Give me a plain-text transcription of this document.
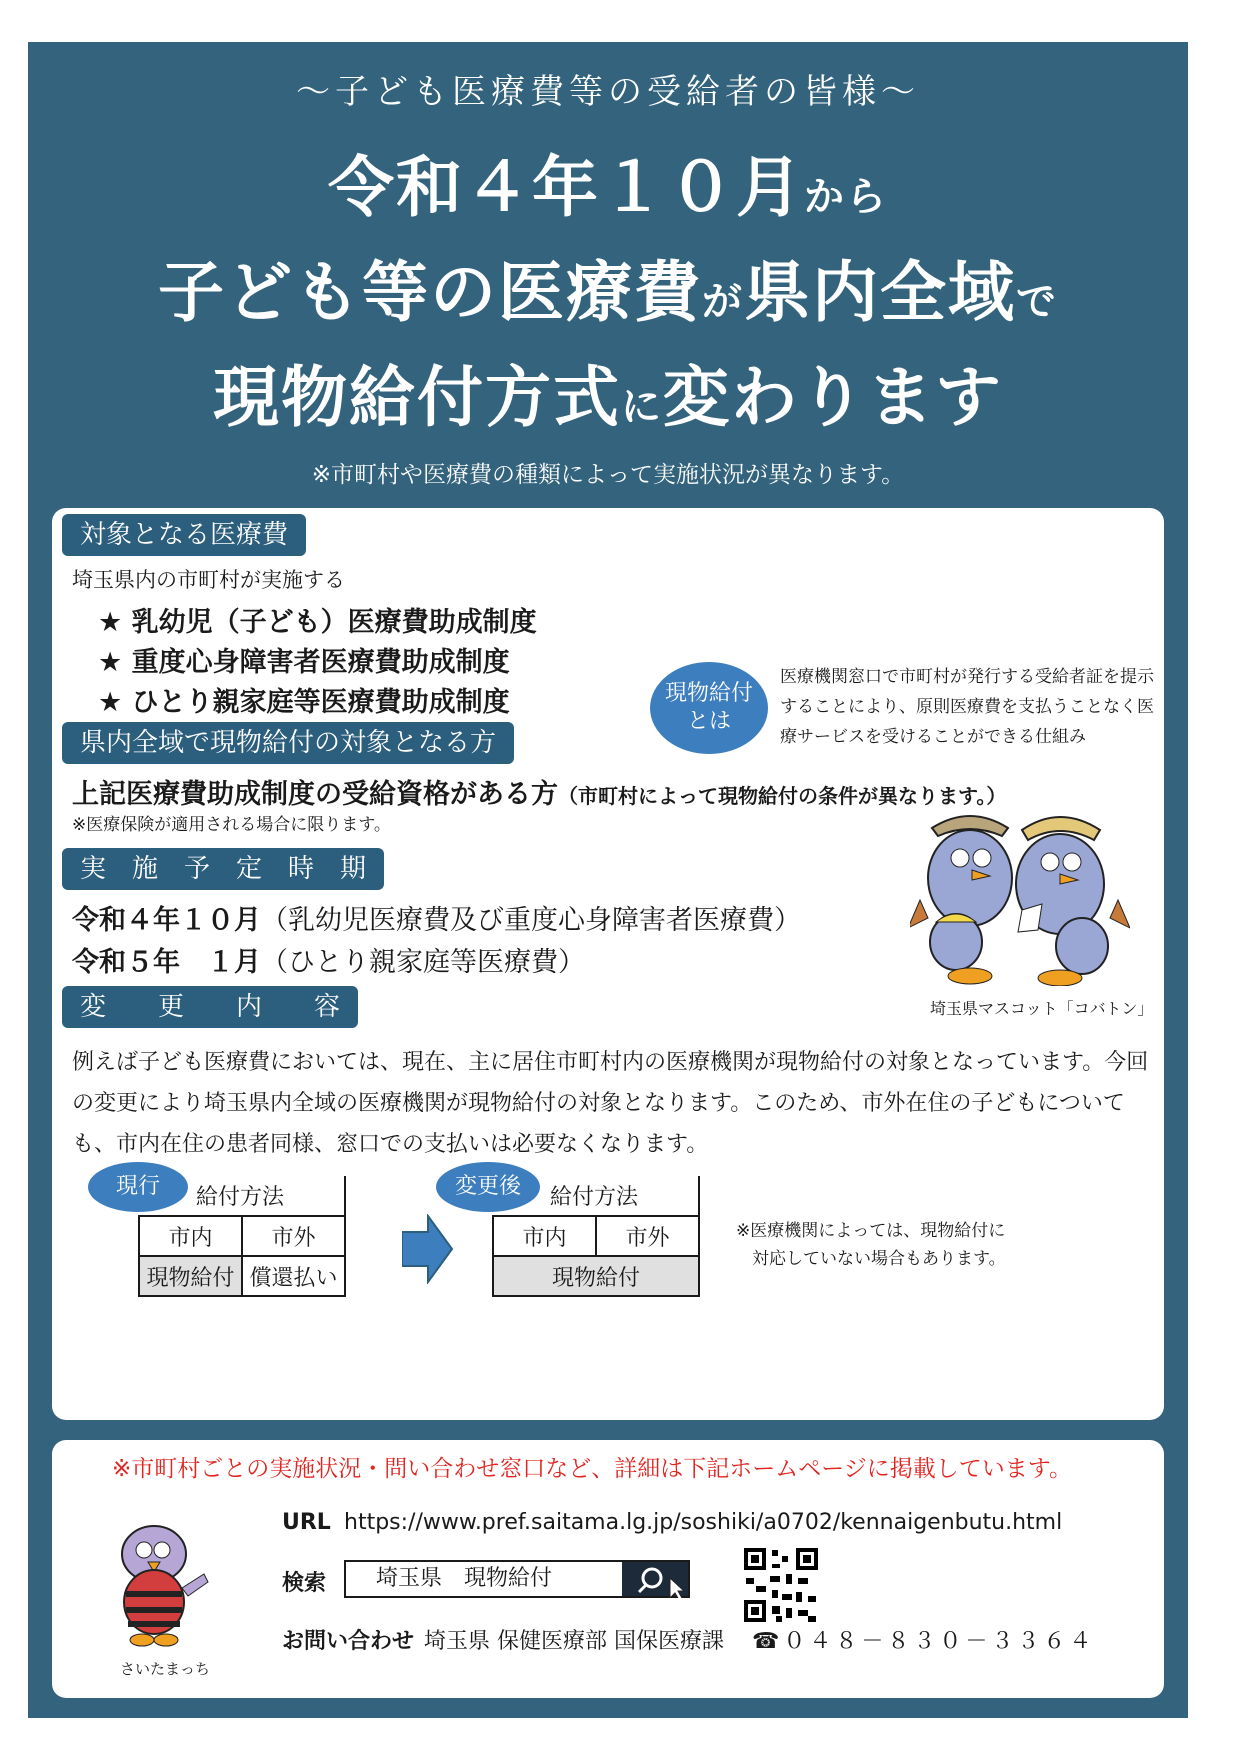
～子ども医療費等の受給者の皆様～
令和４年１０月から
子ども等の医療費が県内全域で
現物給付方式に変わります
※市町村や医療費の種類によって実施状況が異なります。
対象となる医療費
埼玉県内の市町村が実施する
★ 乳幼児（子ども）医療費助成制度
★ 重度心身障害者医療費助成制度
★ ひとり親家庭等医療費助成制度	現物給付
とは
医療機関窓口で市町村が発行する受給者証を提示することにより、原則医療費を支払うことなく医療サービスを受けることができる仕組み
県内全域で現物給付の対象となる方
上記医療費助成制度の受給資格がある方（市町村によって現物給付の条件が異なります。）
※医療保険が適用される場合に限ります。
実　施　予　定　時　期
令和４年１０月（乳幼児医療費及び重度心身障害者医療費）
令和５年　１月（ひとり親家庭等医療費）
埼玉県マスコット「コバトン」
変　　更　　内　　容
例えば子ども医療費においては、現在、主に居住市町村内の医療機関が現物給付の対象となっています。今回の変更により埼玉県内全域の医療機関が現物給付の対象となります。このため、市外在住の子どもについても、市内在住の患者同様、窓口での支払いは必要なくなります。
給付方法	
市内	市外
現物給付	償還払い
現行	給付方法
市内	市外
現物給付
変更後
※医療機関によっては、現物給付に
対応していない場合もあります。
※市町村ごとの実施状況・問い合わせ窓口など、詳細は下記ホームページに掲載しています。
さいたまっち
URL https://www.pref.saitama.lg.jp/soshiki/a0702/kennaigenbutu.html
検索	埼玉県　現物給付
お問い合わせ 埼玉県 保健医療部 国保医療課 ☎０４８－８３０－３３６４
